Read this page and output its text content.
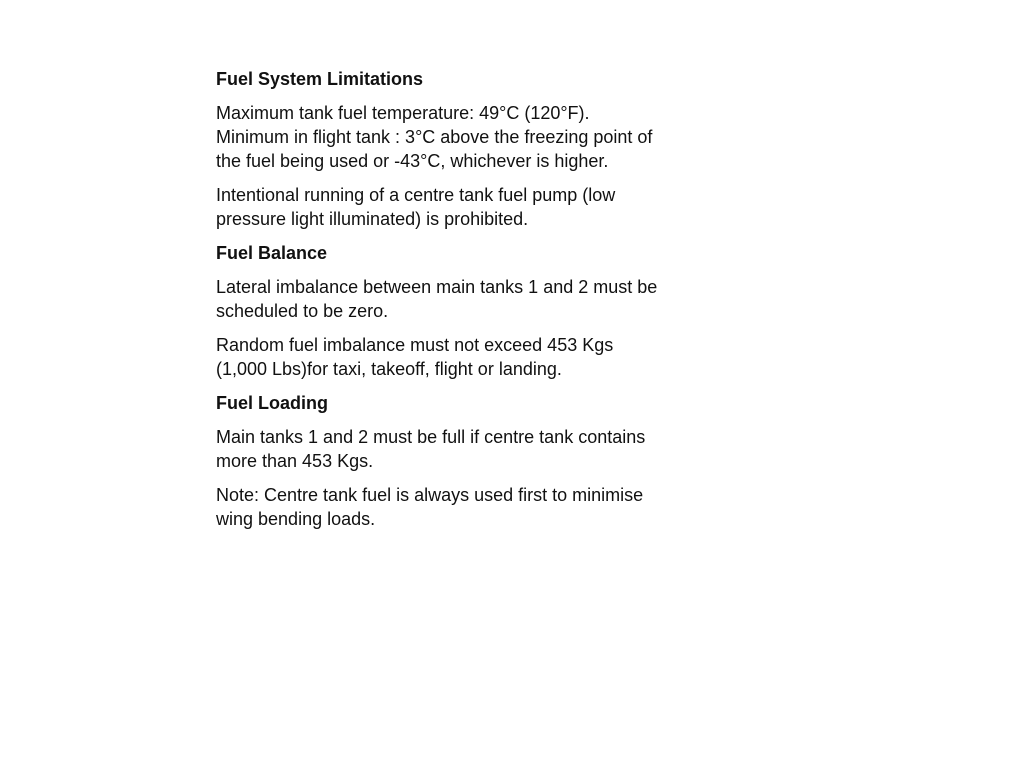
Fuel System Limitations
Maximum tank fuel temperature: 49°C (120°F).
Minimum in flight tank : 3°C above the freezing point of
the fuel being used or -43°C, whichever is higher.
Intentional running of a centre tank fuel pump (low
pressure light illuminated) is prohibited.
Fuel Balance
Lateral imbalance between main tanks 1 and 2 must be
scheduled to be zero.
Random fuel imbalance must not exceed 453 Kgs
(1,000 Lbs)for taxi, takeoff, flight or landing.
Fuel Loading
Main tanks 1 and 2 must be full if centre tank contains
more than 453 Kgs.
Note: Centre tank fuel is always used first to minimise
wing bending loads.
